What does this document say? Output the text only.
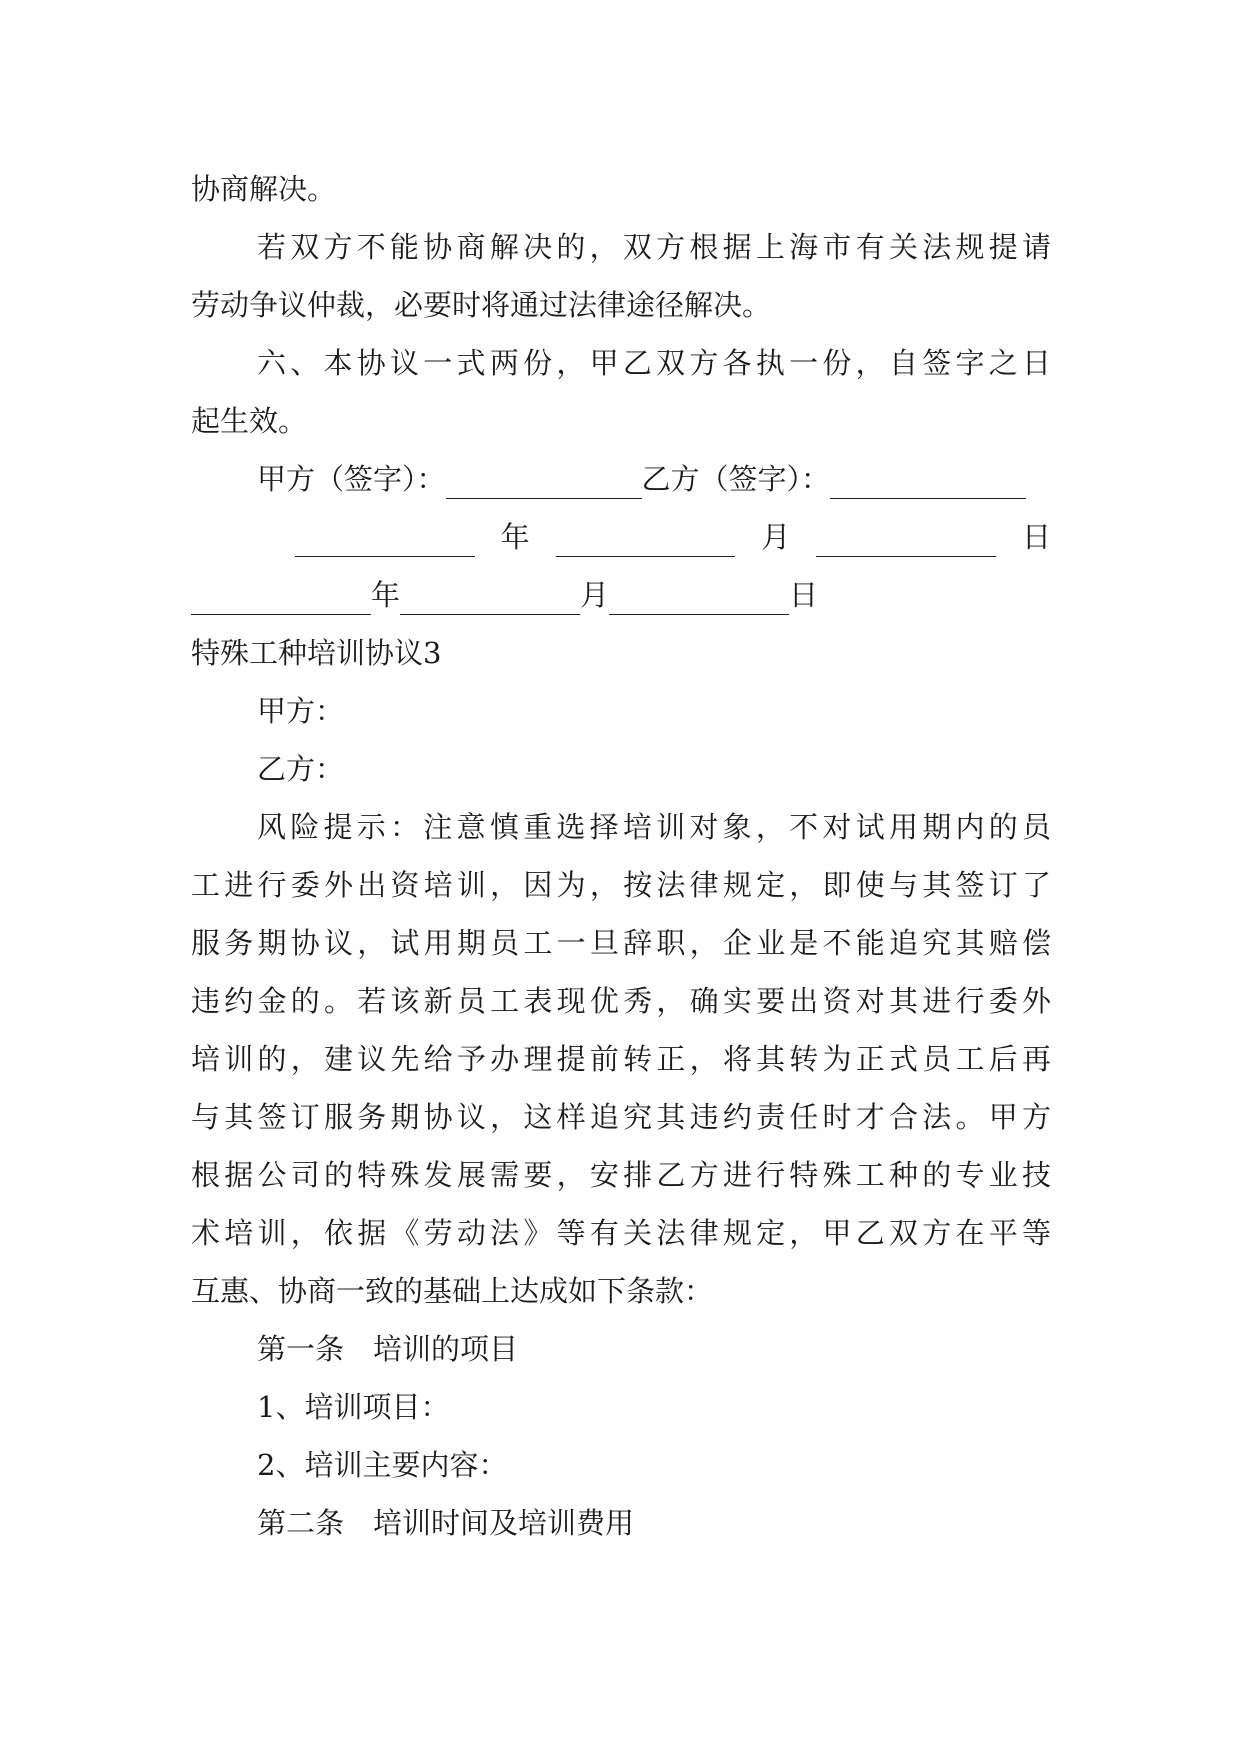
协商解决。
若双方不能协商解决的，双方根据上海市有关法规提请
劳动争议仲裁，必要时将通过法律途径解决。
六、本协议一式两份，甲乙双方各执一份，自签字之日
起生效。
甲方（签字）：	乙方（签字）：
年	月	日
年	月	日
特殊工种培训协议3
甲方：
乙方：
风险提示：注意慎重选择培训对象，不对试用期内的员
工进行委外出资培训，因为，按法律规定，即使与其签订了
服务期协议，试用期员工一旦辞职，企业是不能追究其赔偿
违约金的。若该新员工表现优秀，确实要出资对其进行委外
培训的，建议先给予办理提前转正，将其转为正式员工后再
与其签订服务期协议，这样追究其违约责任时才合法。甲方
根据公司的特殊发展需要，安排乙方进行特殊工种的专业技
术培训，依据《劳动法》等有关法律规定，甲乙双方在平等
互惠、协商一致的基础上达成如下条款：
第一条　培训的项目
1、培训项目：
2、培训主要内容：
第二条　培训时间及培训费用
